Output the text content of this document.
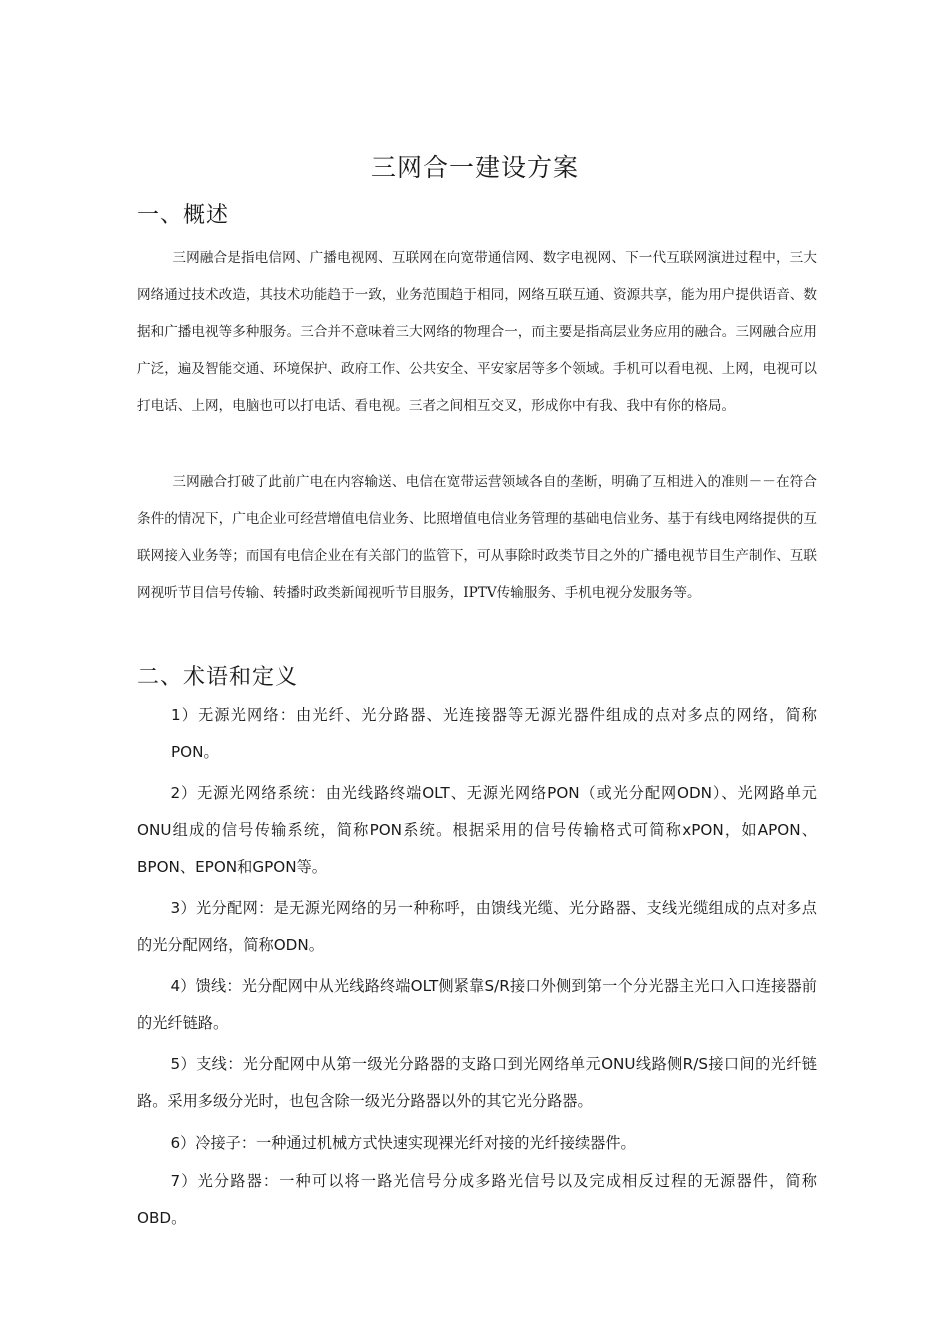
三网合一建设方案
一、概述
三网融合是指电信网、广播电视网、互联网在向宽带通信网、数字电视网、下一代互联网演进过程中，三大网络通过技术改造，其技术功能趋于一致，业务范围趋于相同，网络互联互通、资源共享，能为用户提供语音、数据和广播电视等多种服务。三合并不意味着三大网络的物理合一，而主要是指高层业务应用的融合。三网融合应用广泛，遍及智能交通、环境保护、政府工作、公共安全、平安家居等多个领域。手机可以看电视、上网，电视可以打电话、上网，电脑也可以打电话、看电视。三者之间相互交叉，形成你中有我、我中有你的格局。
三网融合打破了此前广电在内容输送、电信在宽带运营领域各自的垄断，明确了互相进入的准则－－在符合条件的情况下，广电企业可经营增值电信业务、比照增值电信业务管理的基础电信业务、基于有线电网络提供的互联网接入业务等；而国有电信企业在有关部门的监管下，可从事除时政类节目之外的广播电视节目生产制作、互联网视听节目信号传输、转播时政类新闻视听节目服务，IPTV传输服务、手机电视分发服务等。
二、术语和定义
1）无源光网络：由光纤、光分路器、光连接器等无源光器件组成的点对多点的网络，简称PON。
2）无源光网络系统：由光线路终端OLT、无源光网络PON（或光分配网ODN）、光网路单元ONU组成的信号传输系统，简称PON系统。根据采用的信号传输格式可简称xPON，如APON、BPON、EPON和GPON等。
3）光分配网：是无源光网络的另一种称呼，由馈线光缆、光分路器、支线光缆组成的点对多点的光分配网络，简称ODN。
4）馈线：光分配网中从光线路终端OLT侧紧靠S/R接口外侧到第一个分光器主光口入口连接器前的光纤链路。
5）支线：光分配网中从第一级光分路器的支路口到光网络单元ONU线路侧R/S接口间的光纤链路。采用多级分光时，也包含除一级光分路器以外的其它光分路器。
6）冷接子：一种通过机械方式快速实现裸光纤对接的光纤接续器件。
7）光分路器：一种可以将一路光信号分成多路光信号以及完成相反过程的无源器件，简称OBD。
